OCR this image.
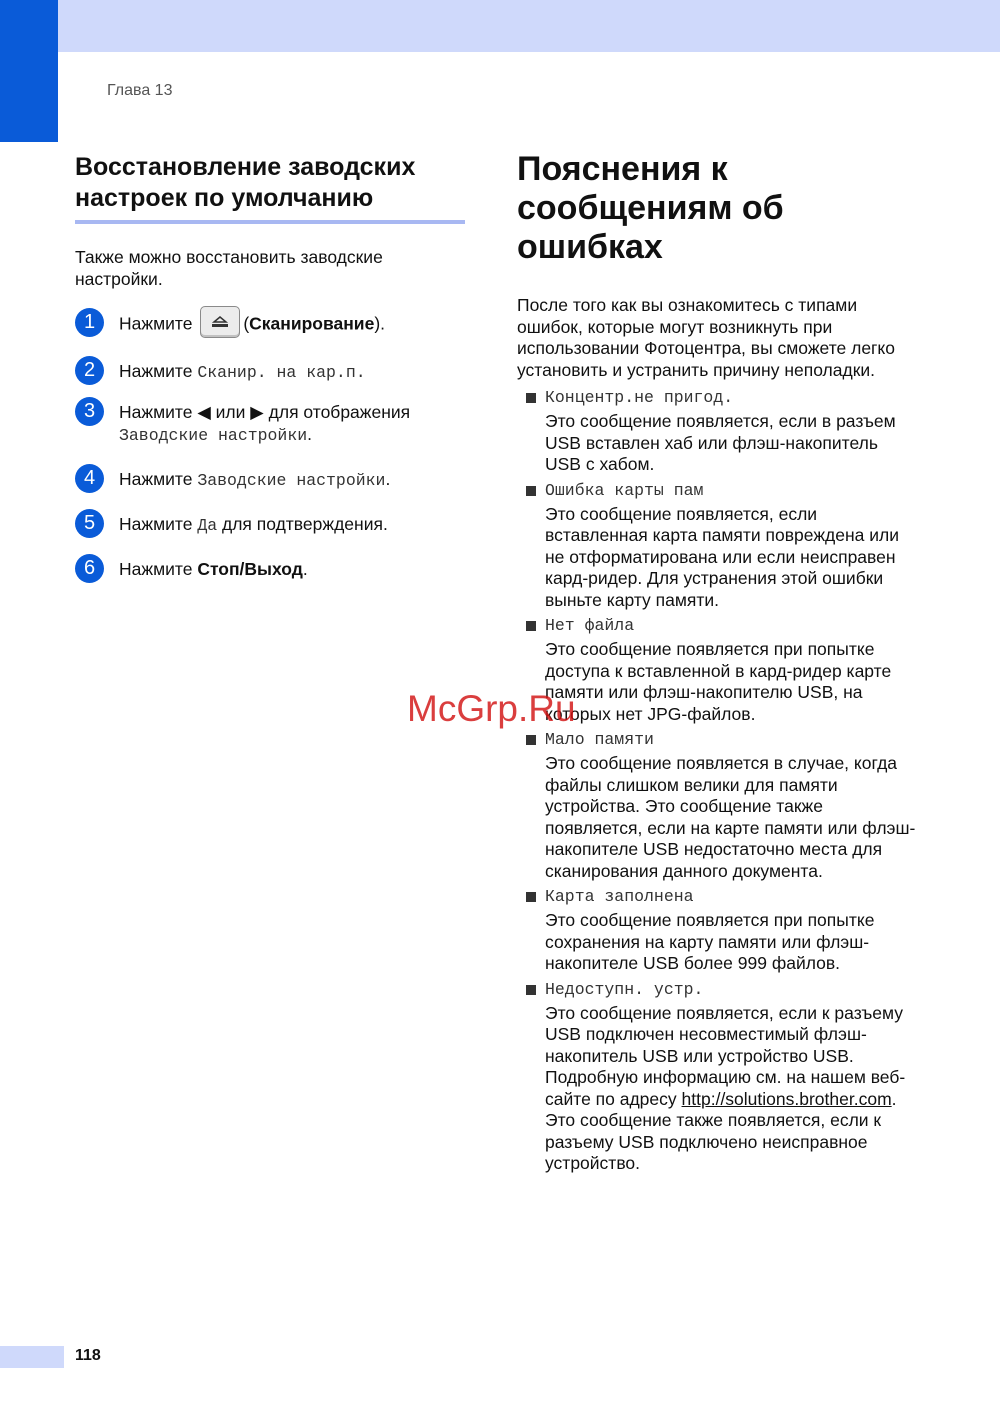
Глава 13
Восстановление заводских настроек по умолчанию

Также можно восстановить заводские настройки.

1	Нажмите	(Сканирование).
2	Нажмите Сканир. на кар.п.
3	Нажмите ◀ или ▶ для отображения
Заводские настройки.
4	Нажмите Заводские настройки.
5	Нажмите Да для подтверждения.
6	Нажмите Стоп/Выход.
Пояснения к сообщениям об ошибках

После того как вы ознакомитесь с типами ошибок, которые могут возникнуть при использовании Фотоцентра, вы сможете легко установить и устранить причину неполадки.

Концентр.не пригод.
Это сообщение появляется, если в разъем USB вставлен хаб или флэш-накопитель USB с хабом.
Ошибка карты пам
Это сообщение появляется, если вставленная карта памяти повреждена или не отформатирована или если неисправен кард-ридер. Для устранения этой ошибки выньте карту памяти.
Нет файла
Это сообщение появляется при попытке доступа к вставленной в кард-ридер карте памяти или флэш-накопителю USB, на которых нет JPG-файлов.
Мало памяти
Это сообщение появляется в случае, когда файлы слишком велики для памяти устройства. Это сообщение также появляется, если на карте памяти или флэш-накопителе USB недостаточно места для сканирования данного документа.
Карта заполнена
Это сообщение появляется при попытке сохранения на карту памяти или флэш-накопителе USB более 999 файлов.
Недоступн. устр.
Это сообщение появляется, если к разъему USB подключен несовместимый флэш-накопитель USB или устройство USB. Подробную информацию см. на нашем веб-сайте по адресу http://solutions.brother.com. Это сообщение также появляется, если к разъему USB подключено неисправное устройство.
118
McGrp.Ru
